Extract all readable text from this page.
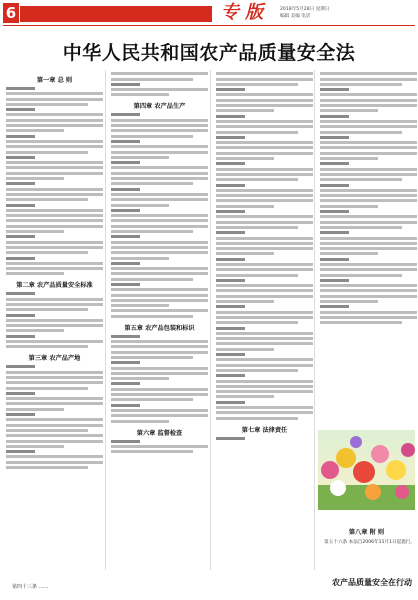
6	专 版	2018年5月28日 星期日
编辑 美编 电话
中华人民共和国农产品质量安全法
第一章 总 则
第二章 农产品质量安全标准
第三章 农产品产地
第四章 农产品生产
第五章 农产品包装和标识
第六章 监督检查	第七章 法律责任
第八章 附 则
第五十六条 本法自2006年11月1日起施行。
第四十三条 ……	农产品质量安全在行动
